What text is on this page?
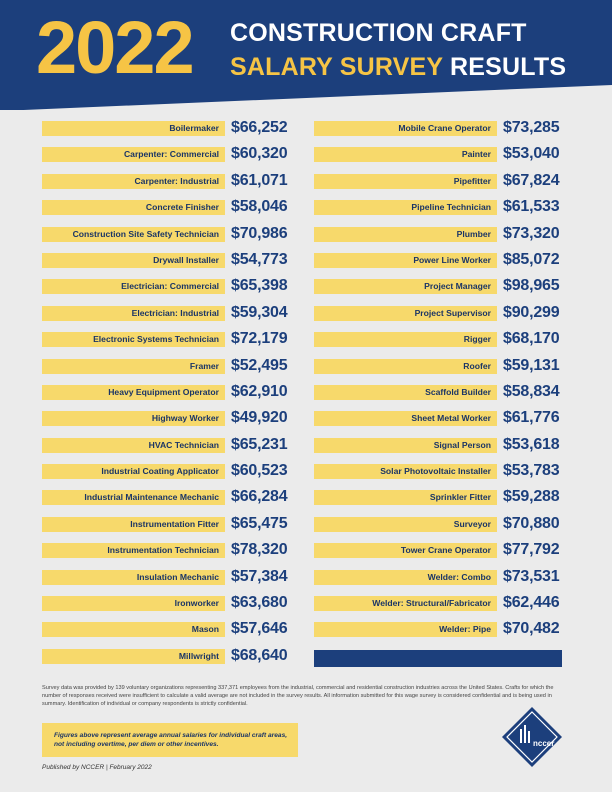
2022 CONSTRUCTION CRAFT
SALARY SURVEY RESULTS
Boilermaker $66,252
Carpenter: Commercial $60,320
Carpenter: Industrial $61,071
Concrete Finisher $58,046
Construction Site Safety Technician $70,986
Drywall Installer $54,773
Electrician: Commercial $65,398
Electrician: Industrial $59,304
Electronic Systems Technician $72,179
Framer $52,495
Heavy Equipment Operator $62,910
Highway Worker $49,920
HVAC Technician $65,231
Industrial Coating Applicator $60,523
Industrial Maintenance Mechanic $66,284
Instrumentation Fitter $65,475
Instrumentation Technician $78,320
Insulation Mechanic $57,384
Ironworker $63,680
Mason $57,646
Millwright $68,640
Mobile Crane Operator $73,285
Painter $53,040
Pipefitter $67,824
Pipeline Technician $61,533
Plumber $73,320
Power Line Worker $85,072
Project Manager $98,965
Project Supervisor $90,299
Rigger $68,170
Roofer $59,131
Scaffold Builder $58,834
Sheet Metal Worker $61,776
Signal Person $53,618
Solar Photovoltaic Installer $53,783
Sprinkler Fitter $59,288
Surveyor $70,880
Tower Crane Operator $77,792
Welder: Combo $73,531
Welder: Structural/Fabricator $62,446
Welder: Pipe $70,482
Survey data was provided by 139 voluntary organizations representing 337,371 employees from the industrial, commercial and residential construction industries across the United States. Crafts for which the number of responses received were insufficient to calculate a valid average are not included in the survey results. All information submitted for this wage survey is considered confidential and is being used in summary. Identification of individual or company respondents is strictly confidential.
Figures above represent average annual salaries for individual craft areas, not including overtime, per diem or other incentives.
Published by NCCER | February 2022
nccer
